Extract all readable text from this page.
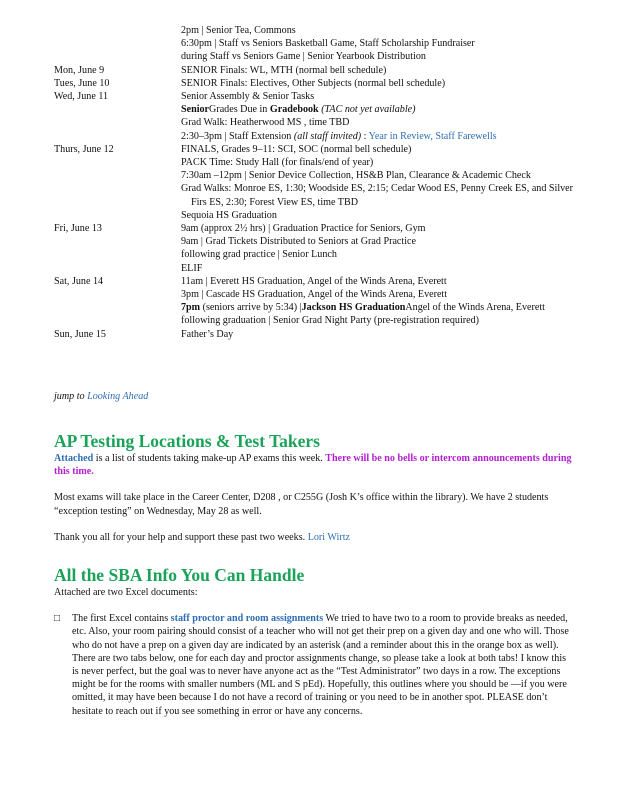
2pm | Senior Tea, Commons
6:30pm | Staff vs Seniors Basketball Game, Staff Scholarship Fundraiser
during Staff vs Seniors Game | Senior Yearbook Distribution
Mon, June 9	SENIOR Finals: WL, MTH (normal bell schedule)
Tues, June 10	SENIOR Finals: Electives, Other Subjects (normal bell schedule)
Wed, June 11	Senior Assembly & Senior Tasks
SeniorGrades Due in Gradebook (TAC not yet available)
Grad Walk: Heatherwood MS , time TBD
2:30–3pm | Staff Extension (all staff invited) : Year in Review, Staff Farewells
Thurs, June 12	FINALS, Grades 9–11: SCI, SOC (normal bell schedule)
PACK Time: Study Hall (for finals/end of year)
7:30am –12pm | Senior Device Collection, HS&B Plan, Clearance & Academic Check
Grad Walks: Monroe ES, 1:30; Woodside ES, 2:15; Cedar Wood ES, Penny Creek ES, and Silver Firs ES, 2:30; Forest View ES, time TBD
Sequoia HS Graduation
Fri, June 13	9am (approx 2½ hrs) | Graduation Practice for Seniors, Gym
9am | Grad Tickets Distributed to Seniors at Grad Practice
following grad practice | Senior Lunch
ELIF
Sat, June 14	11am | Everett HS Graduation, Angel of the Winds Arena, Everett
3pm | Cascade HS Graduation, Angel of the Winds Arena, Everett
7pm (seniors arrive by 5:34) |Jackson HS GraduationAngel of the Winds Arena, Everett
following graduation | Senior Grad Night Party (pre-registration required)
Sun, June 15	Father’s Day
jump to Looking Ahead
AP Testing Locations & Test Takers

Attached is a list of students taking make-up AP exams this week. There will be no bells or intercom announcements during this time.

Most exams will take place in the Career Center, D208 , or C255G (Josh K’s office within the library). We have 2 students “exception testing” on Wednesday, May 28 as well.

Thank you all for your help and support these past two weeks. Lori Wirtz

All the SBA Info You Can Handle

Attached are two Excel documents:

□ The first Excel contains staff proctor and room assignments We tried to have two to a room to provide breaks as needed, etc. Also, your room pairing should consist of a teacher who will not get their prep on a given day and one who will. Those who do not have a prep on a given day are indicated by an asterisk (and a reminder about this in the orange box as well). There are two tabs below, one for each day and proctor assignments change, so please take a look at both tabs! I know this is never perfect, but the goal was to never have anyone act as the “Test Administrator” two days in a row. The exceptions might be for the rooms with smaller numbers (ML and S pEd). Hopefully, this outlines where you should be —if you were omitted, it may have been because I do not have a record of training or you need to be in another spot. PLEASE don’t hesitate to reach out if you see something in error or have any concerns.
